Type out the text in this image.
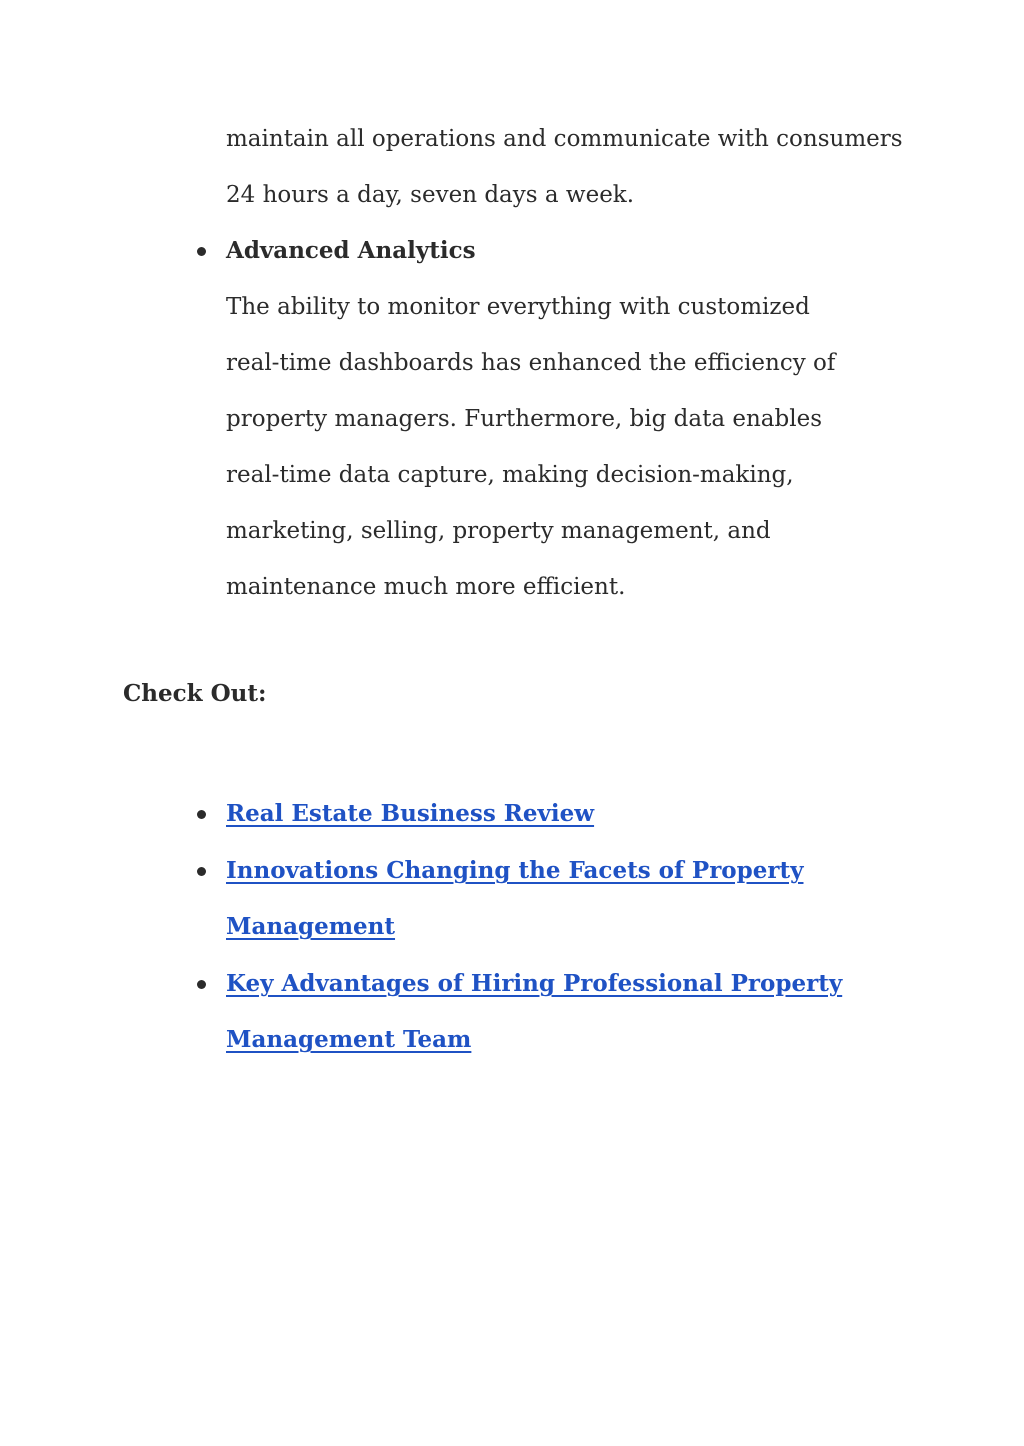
maintain all operations and communicate with consumers
24 hours a day, seven days a week.
Advanced Analytics
The ability to monitor everything with customized
real-time dashboards has enhanced the efficiency of
property managers. Furthermore, big data enables
real-time data capture, making decision-making,
marketing, selling, property management, and
maintenance much more efficient.
Check Out:
Real Estate Business Review
Innovations Changing the Facets of Property
Management
Key Advantages of Hiring Professional Property
Management Team
